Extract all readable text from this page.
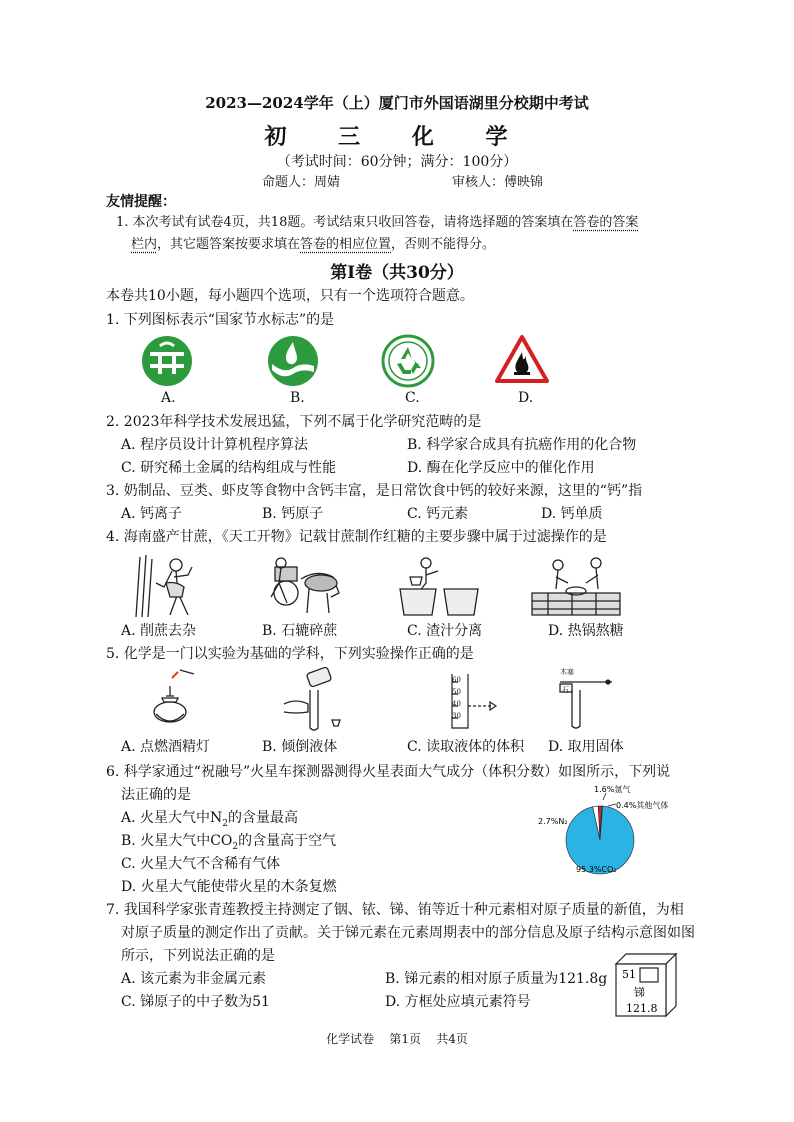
2023—2024学年（上）厦门市外国语湖里分校期中考试
初 三 化 学
（考试时间：60分钟；满分：100分）
命题人：周婧	审核人：傅映锦
友情提醒：
1. 本次考试有试卷4页，共18题。考试结束只收回答卷，请将选择题的答案填在答卷的答案
栏内，其它题答案按要求填在答卷的相应位置，否则不能得分。
第Ⅰ卷（共30分）
本卷共10小题，每小题四个选项，只有一个选项符合题意。
1. 下列图标表示“国家节水标志”的是
A.	B.	C.	D.
2. 2023年科学技术发展迅猛，下列不属于化学研究范畴的是
A. 程序员设计计算机程序算法	B. 科学家合成具有抗癌作用的化合物
C. 研究稀土金属的结构组成与性能	D. 酶在化学反应中的催化作用
3. 奶制品、豆类、虾皮等食物中含钙丰富，是日常饮食中钙的较好来源，这里的“钙”指
A. 钙离子	B. 钙原子	C. 钙元素	D. 钙单质
4. 海南盛产甘蔗，《天工开物》记载甘蔗制作红糖的主要步骤中属于过滤操作的是
A. 削蔗去杂	B. 石辘碎蔗	C. 渣汁分离	D. 热锅熬糖
5. 化学是一门以实验为基础的学科，下列实验操作正确的是
60
50
40
30
木塞
石
A. 点燃酒精灯	B. 倾倒液体	C. 读取液体的体积 D. 取用固体
6. 科学家通过“祝融号”火星车探测器测得火星表面大气成分（体积分数）如图所示，下列说
法正确的是
A. 火星大气中$N_2$的含量最高
B. 火星大气中$CO_2$的含量高于空气
C. 火星大气不含稀有气体
D. 火星大气能使带火星的木条复燃
1.6%氩气
0.4%其他气体
2.7%N₂
95.3%CO₂
7. 我国科学家张青莲教授主持测定了铟、铱、锑、铕等近十种元素相对原子质量的新值，为相
对原子质量的测定作出了贡献。关于锑元素在元素周期表中的部分信息及原子结构示意图如图
所示，下列说法正确的是
A. 该元素为非金属元素	B. 锑元素的相对原子质量为121.8g
C. 锑原子的中子数为51	D. 方框处应填元素符号
51
锑
121.8
化学试卷    第1页    共4页
